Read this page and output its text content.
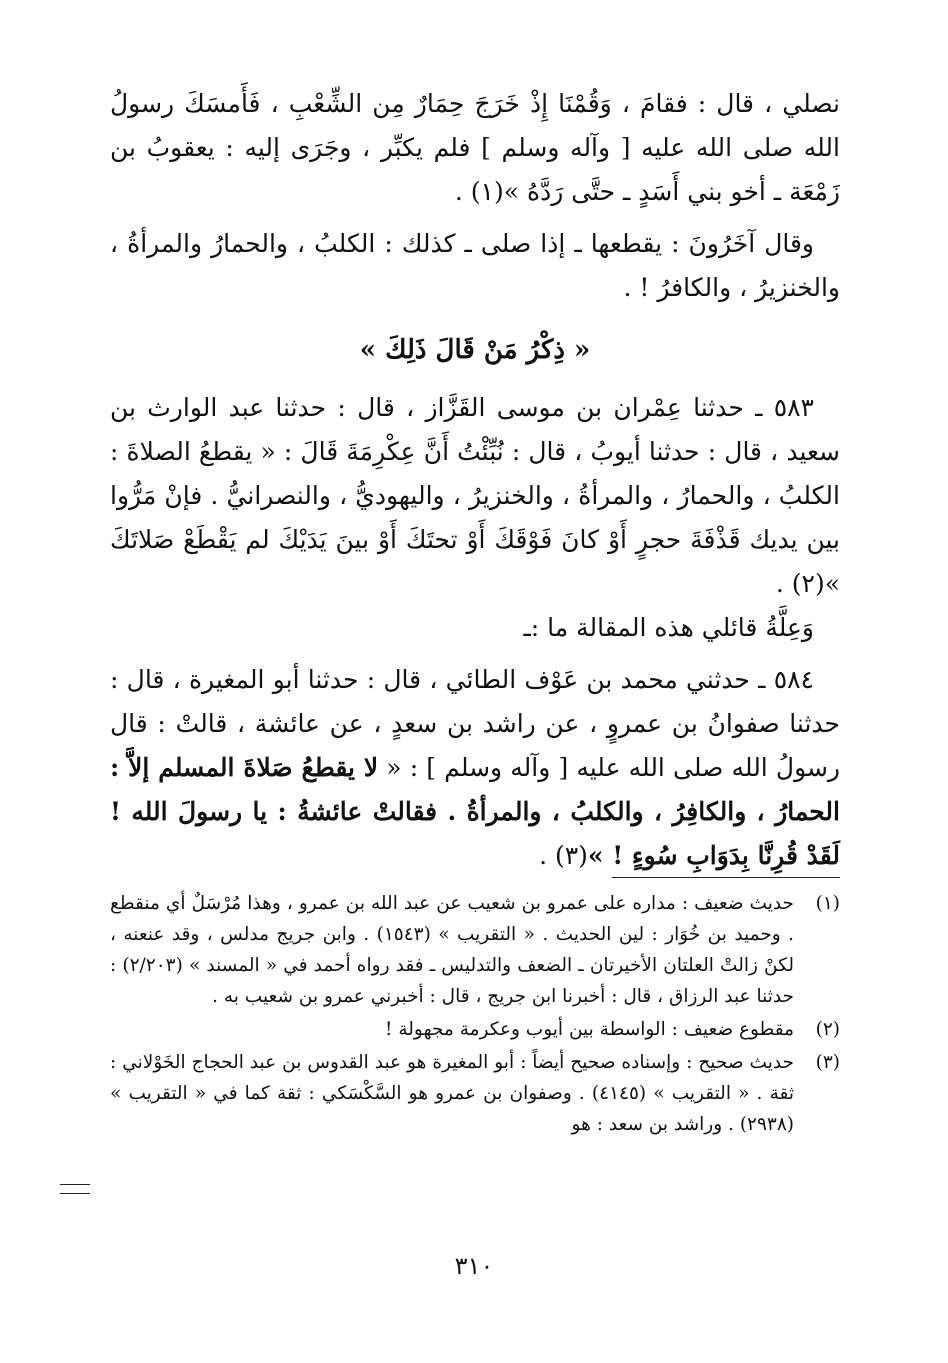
نصلي ، قال : فقامَ ، وَقُمْنَا إِذْ خَرَجَ حِمَارٌ مِن الشِّعْبِ ، فَأَمسَكَ رسولُ الله صلى الله عليه [ وآله وسلم ] فلم يكبِّر ، وجَرَى إليه : يعقوبُ بن زَمْعَة ـ أخو بني أَسَدٍ ـ حتَّى رَدَّهُ »(١) .

وقال آخَرُونَ : يقطعها ـ إذا صلى ـ كذلك : الكلبُ ، والحمارُ والمرأةُ ، والخنزيرُ ، والكافرُ ! .

« ذِكْرُ مَنْ قَالَ ذَلِكَ »

٥٨٣ ـ حدثنا عِمْران بن موسى القَزَّاز ، قال : حدثنا عبد الوارث بن سعيد ، قال : حدثنا أيوبُ ، قال : نُبِّئْتُ أَنَّ عِكْرِمَةَ قَالَ : « يقطعُ الصلاةَ : الكلبُ ، والحمارُ ، والمرأةُ ، والخنزيرُ ، واليهوديُّ ، والنصرانيُّ . فإنْ مَرُّوا بين يديك قَذْفَةَ حجرٍ أَوْ كانَ فَوْقَكَ أَوْ تحتَكَ أَوْ بينَ يَدَيْكَ لم يَقْطَعْ صَلاتَكَ »(٢) .

وَعِلَّةُ قائلي هذه المقالة ما :ـ

٥٨٤ ـ حدثني محمد بن عَوْف الطائي ، قال : حدثنا أبو المغيرة ، قال : حدثنا صفوانُ بن عمروٍ ، عن راشد بن سعدٍ ، عن عائشة ، قالتْ : قال رسولُ الله صلى الله عليه [ وآله وسلم ] : « لا يقطعُ صَلاةَ المسلم إلاَّ : الحمارُ ، والكافِرُ ، والكلبُ ، والمرأةُ . فقالتْ عائشةُ : يا رسولَ الله ! لَقَدْ قُرِنَّا بِدَوَابِ سُوءٍ ! »(٣) .

(١)
حديث ضعيف : مداره على عمرو بن شعيب عن عبد الله بن عمرو ، وهذا مُرْسَلٌ أي منقطع . وحميد بن خُوَار : لين الحديث . « التقريب » (١٥٤٣) . وابن جريج مدلس ، وقد عنعنه ، لكنْ زالتْ العلتان الأخيرتان ـ الضعف والتدليس ـ فقد رواه أحمد في « المسند » (٢/٢٠٣) : حدثنا عبد الرزاق ، قال : أخبرنا ابن جريج ، قال : أخبرني عمرو بن شعيب به .
(٢)
مقطوع ضعيف : الواسطة بين أيوب وعكرمة مجهولة !
(٣)
حديث صحيح : وإسناده صحيح أيضاً : أبو المغيرة هو عبد القدوس بن عبد الحجاج الخَوْلاني : ثقة . « التقريب » (٤١٤٥) . وصفوان بن عمرو هو السَّكْسَكي : ثقة كما في « التقريب » (٢٩٣٨) . وراشد بن سعد : هو
٣١٠
